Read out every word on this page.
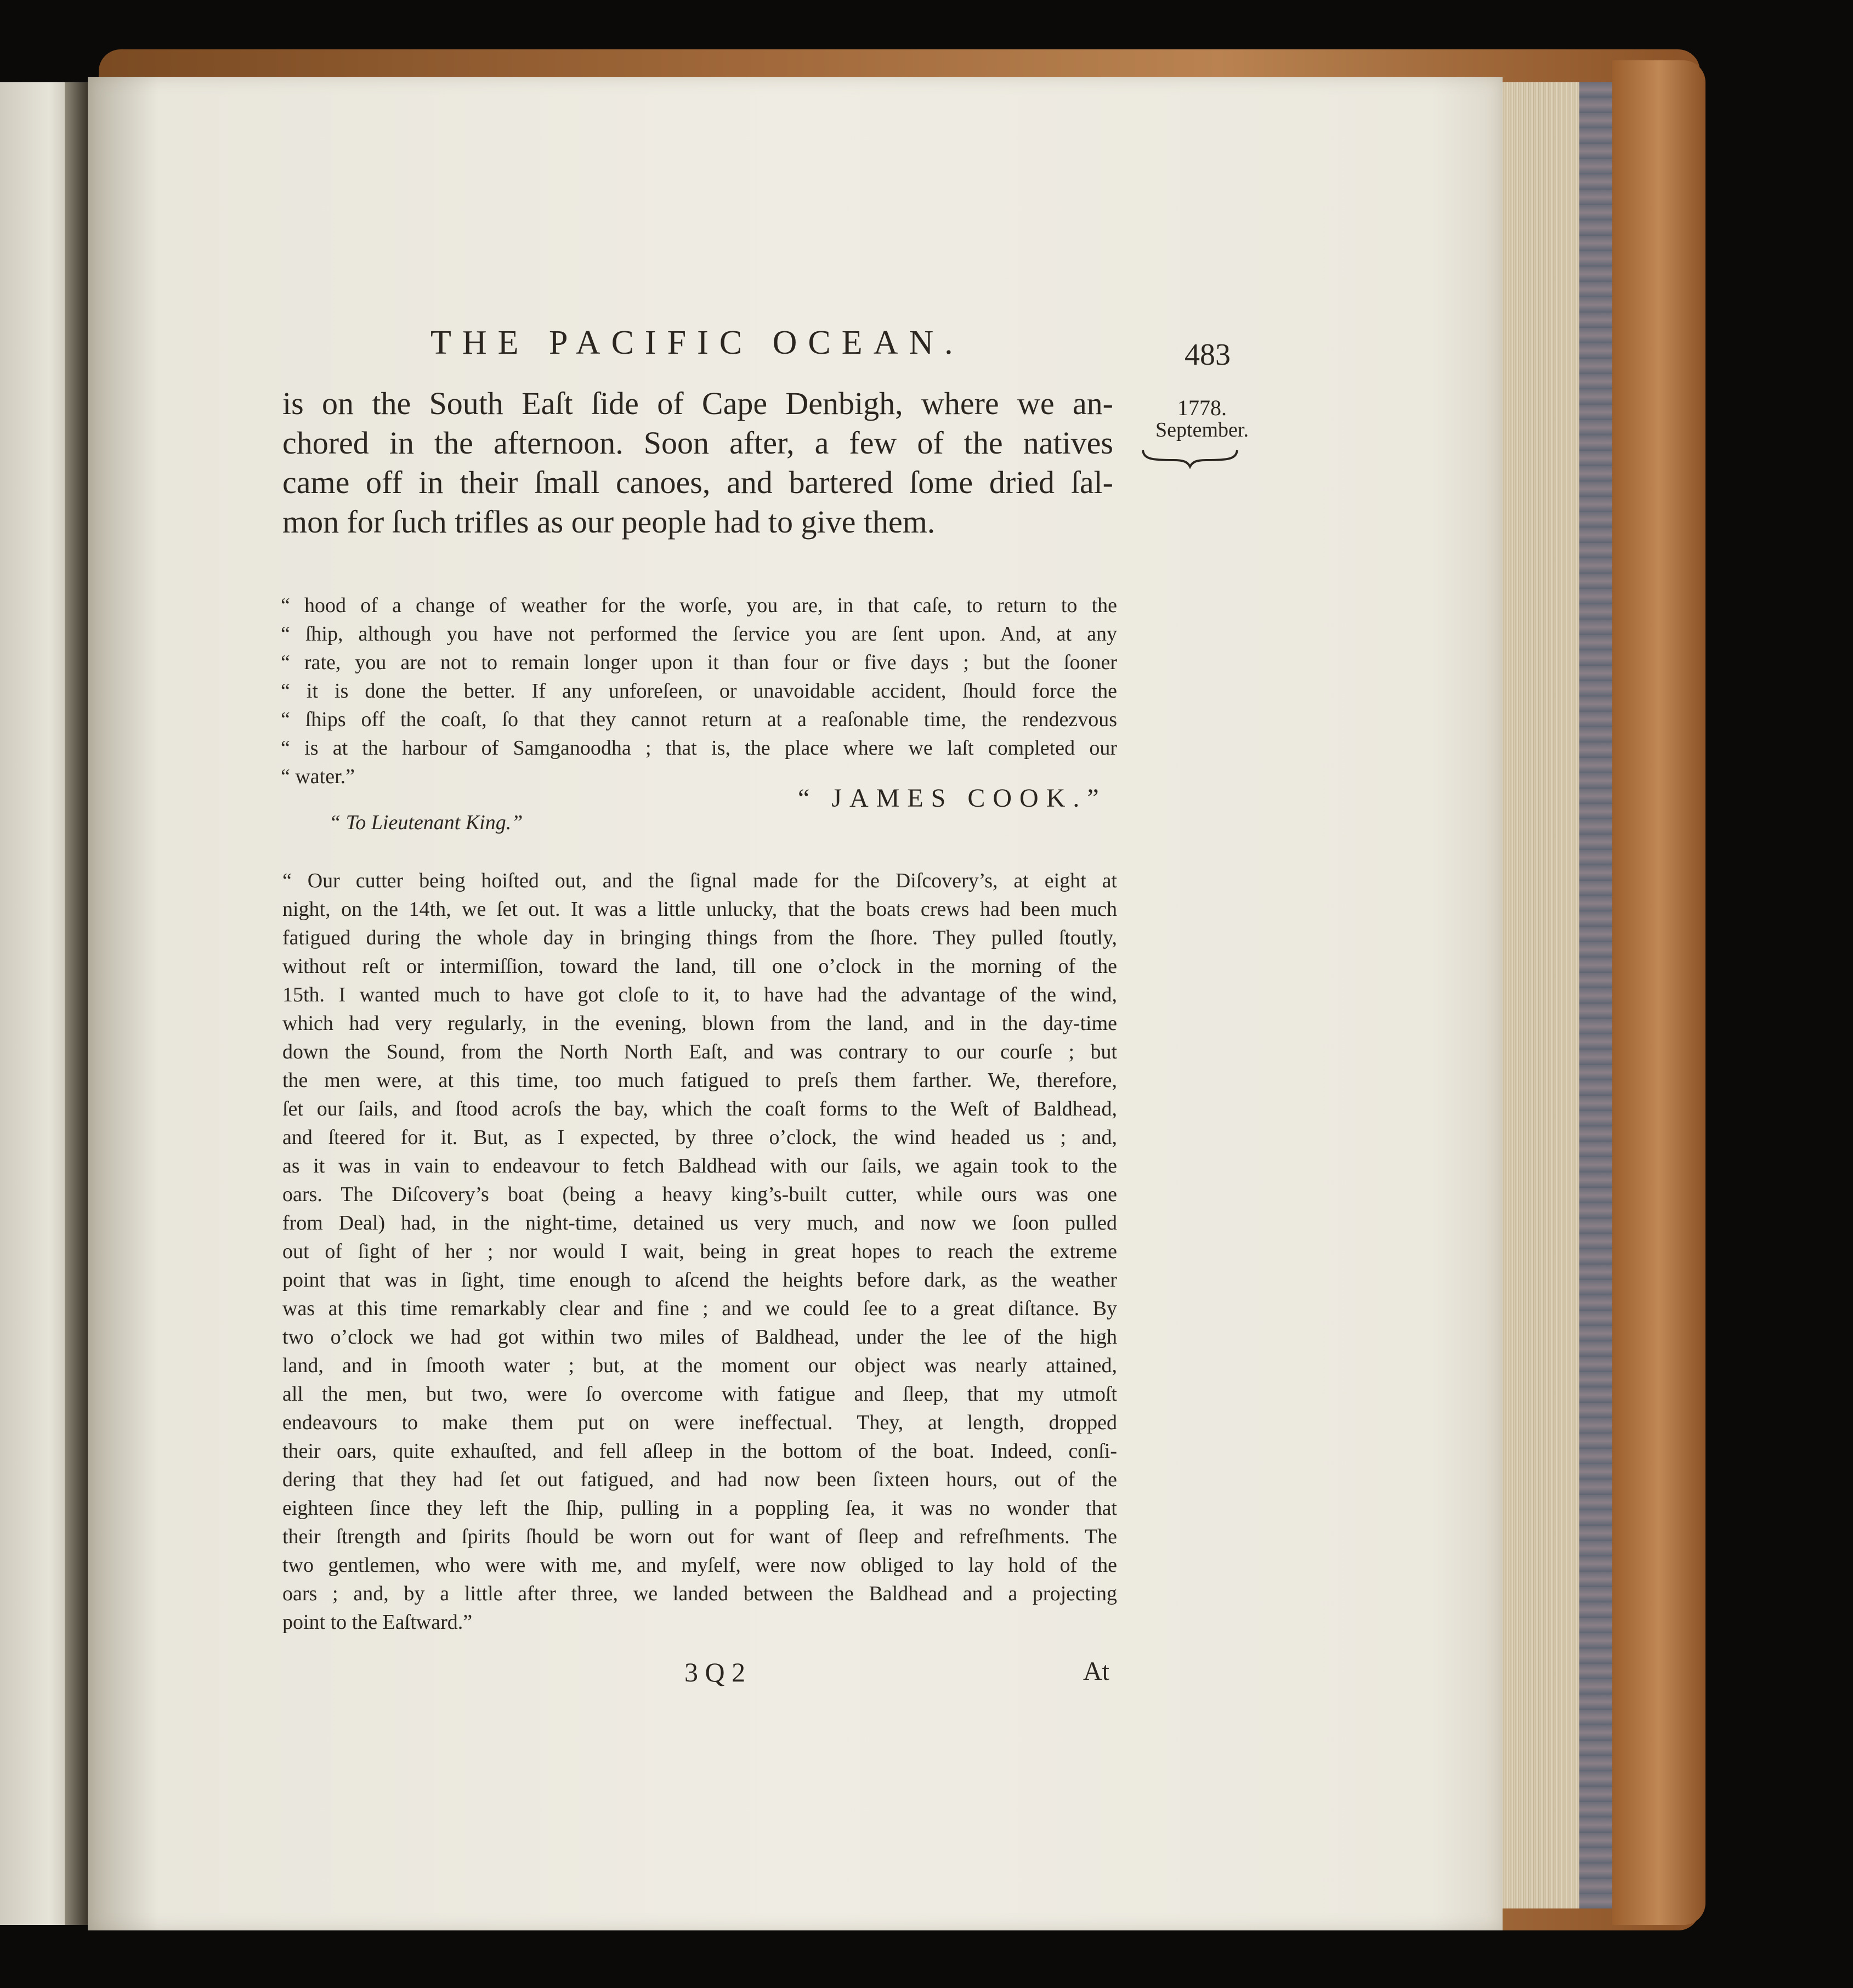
THE PACIFIC OCEAN.	483
1778.
September.
is on the South Eaſt ſide of Cape Denbigh, where we an-
chored in the afternoon. Soon after, a few of the natives
came off in their ſmall canoes, and bartered ſome dried ſal-
mon for ſuch trifles as our people had to give them.
“ hood of a change of weather for the worſe, you are, in that caſe, to return to the
“ ſhip, although you have not performed the ſervice you are ſent upon. And, at any
“ rate, you are not to remain longer upon it than four or five days ; but the ſooner
“ it is done the better. If any unforeſeen, or unavoidable accident, ſhould force the
“ ſhips off the coaſt, ſo that they cannot return at a reaſonable time, the rendezvous
“ is at the harbour of Samganoodha ; that is, the place where we laſt completed our
“ water.”
“ JAMES COOK.”
“ To Lieutenant King.”
“ Our cutter being hoiſted out, and the ſignal made for the Diſcovery’s, at eight at
night, on the 14th, we ſet out. It was a little unlucky, that the boats crews had been much
fatigued during the whole day in bringing things from the ſhore. They pulled ſtoutly,
without reſt or intermiſſion, toward the land, till one o’clock in the morning of the
15th. I wanted much to have got cloſe to it, to have had the advantage of the wind,
which had very regularly, in the evening, blown from the land, and in the day-time
down the Sound, from the North North Eaſt, and was contrary to our courſe ; but
the men were, at this time, too much fatigued to preſs them farther. We, therefore,
ſet our ſails, and ſtood acroſs the bay, which the coaſt forms to the Weſt of Baldhead,
and ſteered for it. But, as I expected, by three o’clock, the wind headed us ; and,
as it was in vain to endeavour to fetch Baldhead with our ſails, we again took to the
oars. The Diſcovery’s boat (being a heavy king’s-built cutter, while ours was one
from Deal) had, in the night-time, detained us very much, and now we ſoon pulled
out of ſight of her ; nor would I wait, being in great hopes to reach the extreme
point that was in ſight, time enough to aſcend the heights before dark, as the weather
was at this time remarkably clear and fine ; and we could ſee to a great diſtance. By
two o’clock we had got within two miles of Baldhead, under the lee of the high
land, and in ſmooth water ; but, at the moment our object was nearly attained,
all the men, but two, were ſo overcome with fatigue and ſleep, that my utmoſt
endeavours to make them put on were ineffectual. They, at length, dropped
their oars, quite exhauſted, and fell aſleep in the bottom of the boat. Indeed, conſi-
dering that they had ſet out fatigued, and had now been ſixteen hours, out of the
eighteen ſince they left the ſhip, pulling in a poppling ſea, it was no wonder that
their ſtrength and ſpirits ſhould be worn out for want of ſleep and refreſhments. The
two gentlemen, who were with me, and myſelf, were now obliged to lay hold of the
oars ; and, by a little after three, we landed between the Baldhead and a projecting
point to the Eaſtward.”
3 Q 2	At
